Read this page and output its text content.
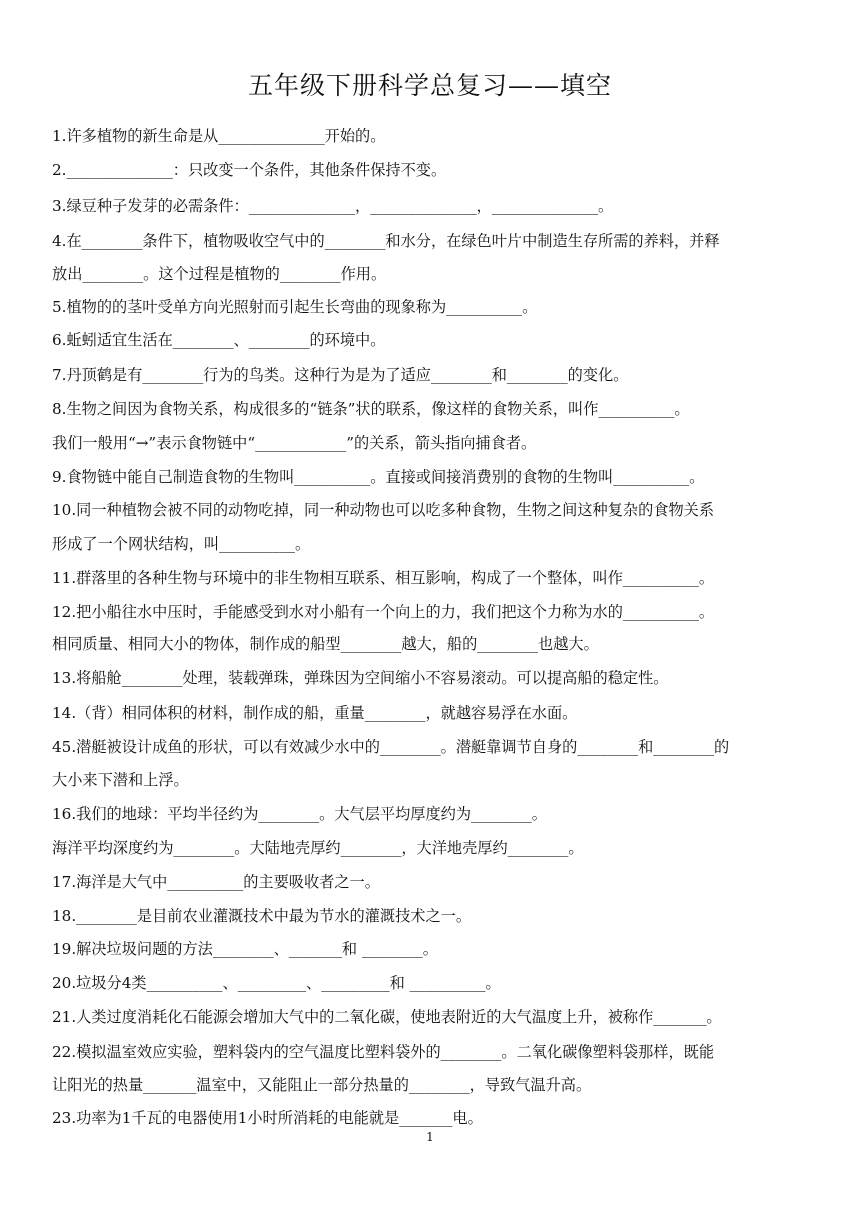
五年级下册科学总复习——填空
1.许多植物的新生命是从______________开始的。
2.______________：只改变一个条件，其他条件保持不变。
3.绿豆种子发芽的必需条件：______________，______________，______________。
4.在________条件下，植物吸收空气中的________和水分，在绿色叶片中制造生存所需的养料，并释
放出________。这个过程是植物的________作用。
5.植物的的茎叶受单方向光照射而引起生长弯曲的现象称为__________。
6.蚯蚓适宜生活在________、________的环境中。
7.丹顶鹤是有________行为的鸟类。这种行为是为了适应________和________的变化。
8.生物之间因为食物关系，构成很多的“链条”状的联系，像这样的食物关系，叫作__________。
我们一般用“→”表示食物链中“____________”的关系，箭头指向捕食者。
9.食物链中能自己制造食物的生物叫__________。直接或间接消费别的食物的生物叫__________。
10.同一种植物会被不同的动物吃掉，同一种动物也可以吃多种食物，生物之间这种复杂的食物关系
形成了一个网状结构，叫__________。
11.群落里的各种生物与环境中的非生物相互联系、相互影响，构成了一个整体，叫作__________。
12.把小船往水中压时，手能感受到水对小船有一个向上的力，我们把这个力称为水的__________。
相同质量、相同大小的物体，制作成的船型________越大，船的________也越大。
13.将船舱________处理，装载弹珠，弹珠因为空间缩小不容易滚动。可以提高船的稳定性。
14.（背）相同体积的材料，制作成的船，重量________，就越容易浮在水面。
45.潜艇被设计成鱼的形状，可以有效减少水中的________。潜艇靠调节自身的________和________的
大小来下潜和上浮。
16.我们的地球：平均半径约为________。大气层平均厚度约为________。
海洋平均深度约为________。大陆地壳厚约________，大洋地壳厚约________。
17.海洋是大气中__________的主要吸收者之一。
18.________是目前农业灌溉技术中最为节水的灌溉技术之一。
19.解决垃圾问题的方法________、_______和 ________。
20.垃圾分4类__________、_________、_________和 __________。
21.人类过度消耗化石能源会增加大气中的二氧化碳，使地表附近的大气温度上升，被称作_______。
22.模拟温室效应实验，塑料袋内的空气温度比塑料袋外的________。二氧化碳像塑料袋那样，既能
让阳光的热量_______温室中，又能阻止一部分热量的________，导致气温升高。
23.功率为1千瓦的电器使用1小时所消耗的电能就是_______电。
1
